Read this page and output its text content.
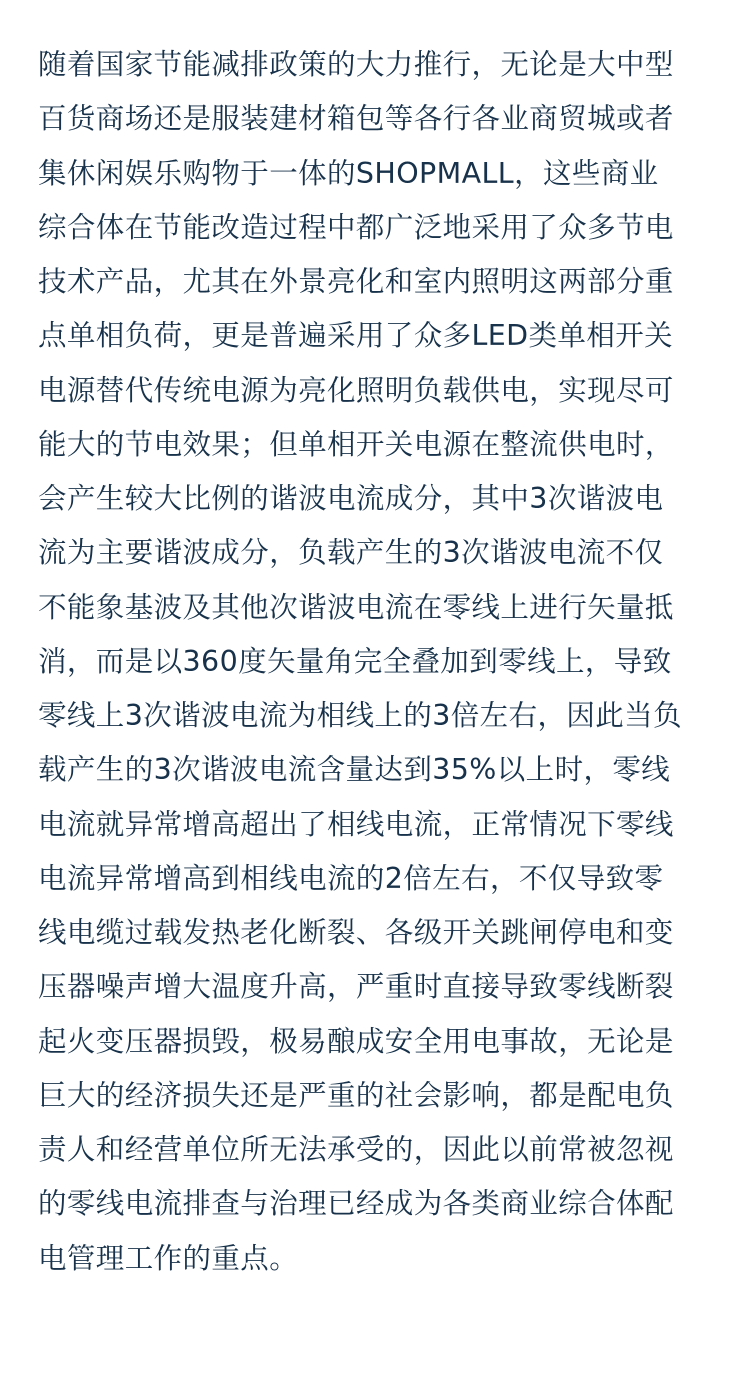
随着国家节能减排政策的大力推行，无论是大中型
百货商场还是服装建材箱包等各行各业商贸城或者
集休闲娱乐购物于一体的SHOPMALL，这些商业
综合体在节能改造过程中都广泛地采用了众多节电
技术产品，尤其在外景亮化和室内照明这两部分重
点单相负荷，更是普遍采用了众多LED类单相开关
电源替代传统电源为亮化照明负载供电，实现尽可
能大的节电效果；但单相开关电源在整流供电时，
会产生较大比例的谐波电流成分，其中3次谐波电
流为主要谐波成分，负载产生的3次谐波电流不仅
不能象基波及其他次谐波电流在零线上进行矢量抵
消，而是以360度矢量角完全叠加到零线上，导致
零线上3次谐波电流为相线上的3倍左右，因此当负
载产生的3次谐波电流含量达到35%以上时，零线
电流就异常增高超出了相线电流，正常情况下零线
电流异常增高到相线电流的2倍左右，不仅导致零
线电缆过载发热老化断裂、各级开关跳闸停电和变
压器噪声增大温度升高，严重时直接导致零线断裂
起火变压器损毁，极易酿成安全用电事故，无论是
巨大的经济损失还是严重的社会影响，都是配电负
责人和经营单位所无法承受的，因此以前常被忽视
的零线电流排查与治理已经成为各类商业综合体配
电管理工作的重点。
